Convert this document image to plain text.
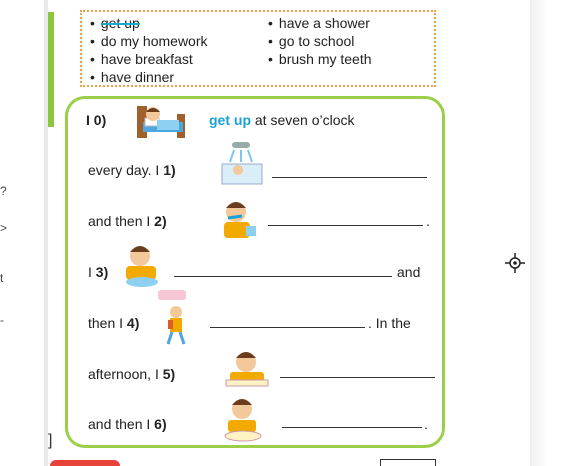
?
>
t
-
]
• get up	• have a shower
• do my homework	• go to school
• have breakfast	• brush my teeth
• have dinner
I 0)	get up at seven o’clock
every day. I 1)
and then I 2)	.
I 3)	and
then I 4)	. In the
afternoon, I 5)
and then I 6)	.
